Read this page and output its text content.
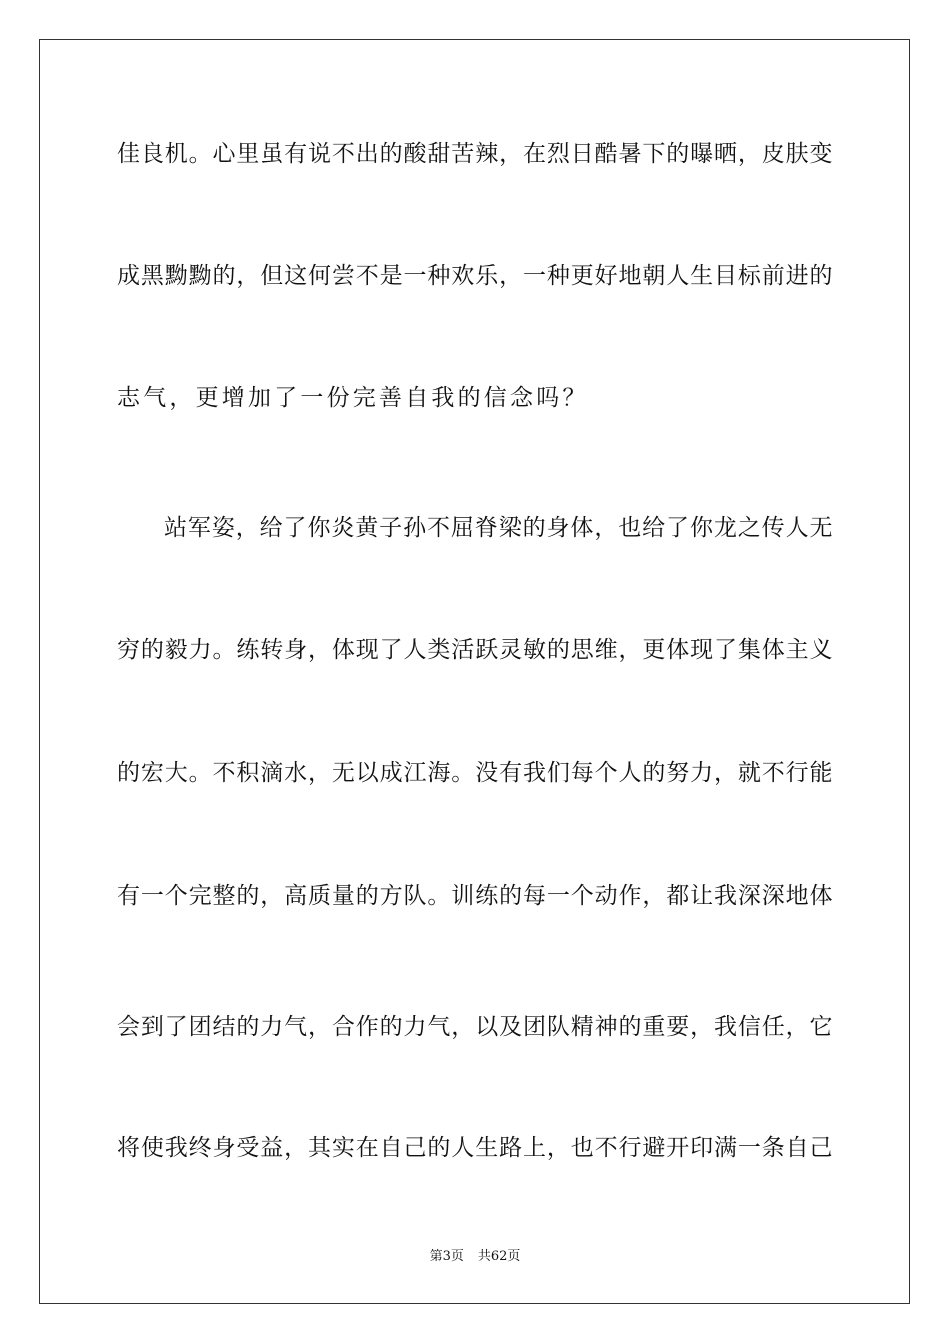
佳良机。心里虽有说不出的酸甜苦辣，在烈日酷暑下的曝晒，皮肤变
成黑黝黝的，但这何尝不是一种欢乐，一种更好地朝人生目标前进的
志气，更增加了一份完善自我的信念吗？
站军姿，给了你炎黄子孙不屈脊梁的身体，也给了你龙之传人无
穷的毅力。练转身，体现了人类活跃灵敏的思维，更体现了集体主义
的宏大。不积滴水，无以成江海。没有我们每个人的努力，就不行能
有一个完整的，高质量的方队。训练的每一个动作，都让我深深地体
会到了团结的力气，合作的力气，以及团队精神的重要，我信任，它
将使我终身受益，其实在自己的人生路上，也不行避开印满一条自己
第3页 共62页
